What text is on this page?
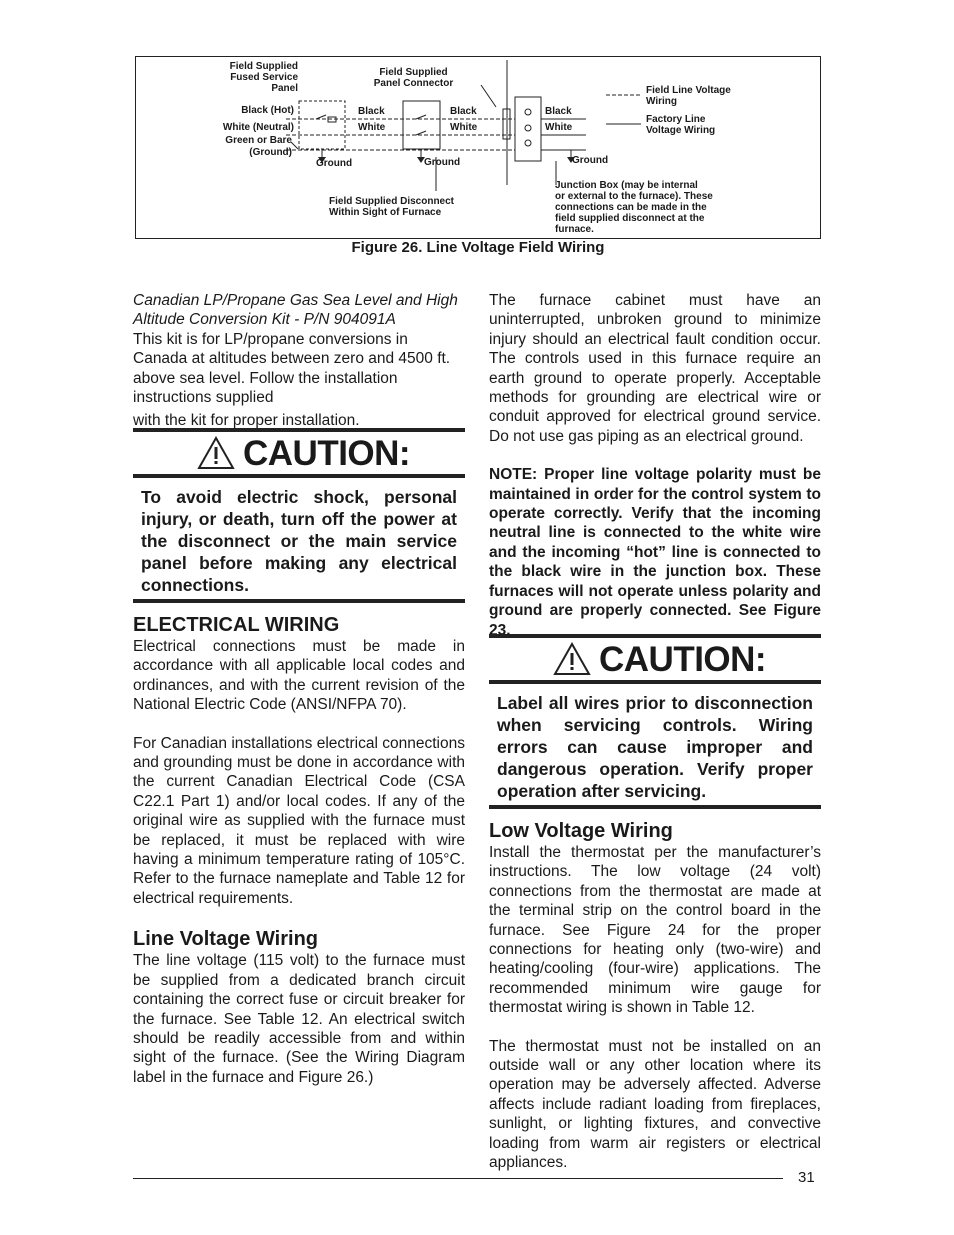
Field Supplied
Fused Service
Panel
Field Supplied
Panel Connector
Black (Hot)
White (Neutral)
Green or Bare
(Ground)
Black
White
Black
White
Black
White
Ground	Ground	Ground
Field Supplied Disconnect
Within Sight of Furnace
Junction Box (may be internal
or external to the furnace). These
connections can be made in the
field supplied disconnect at the
furnace.
Field Line Voltage
Wiring
Factory Line
Voltage Wiring
Figure 26. Line Voltage Field Wiring

Canadian LP/Propane Gas Sea Level and High Altitude Conversion Kit - P/N 904091A

This kit is for LP/propane conversions in Canada at altitudes between zero and 4500 ft. above sea level. Follow the installation instructions supplied

with the kit for proper installation.

CAUTION:
To avoid electric shock, personal injury, or death, turn off the power at the disconnect or the main service panel before making any electrical connections.
ELECTRICAL WIRING

Electrical connections must be made in accordance with all applicable local codes and ordinances, and with the current revision of the National Electric Code (ANSI/NFPA 70).

For Canadian installations electrical connections and grounding must be done in accordance with the current Canadian Electrical Code (CSA C22.1 Part 1) and/or local codes. If any of the original wire as supplied with the furnace must be replaced, it must be replaced with wire having a minimum temperature rating of 105°C. Refer to the furnace nameplate and Table 12 for electrical requirements.

Line Voltage Wiring

The line voltage (115 volt) to the furnace must be supplied from a dedicated branch circuit containing the correct fuse or circuit breaker for the furnace. See Table 12. An electrical switch should be readily accessible from and within sight of the furnace. (See the Wiring Diagram label in the furnace and Figure 26.)

The furnace cabinet must have an uninterrupted, unbroken ground to minimize injury should an electrical fault condition occur. The controls used in this furnace require an earth ground to operate properly. Acceptable methods for grounding are electrical wire or conduit approved for electrical ground service. Do not use gas piping as an electrical ground.

NOTE: Proper line voltage polarity must be maintained in order for the control system to operate correctly. Verify that the incoming neutral line is connected to the white wire and the incoming “hot” line is connected to the black wire in the junction box. These furnaces will not operate unless polarity and ground are properly connected. See Figure 23.

CAUTION:
Label all wires prior to disconnection when servicing controls. Wiring errors can cause improper and dangerous operation. Verify proper operation after servicing.
Low Voltage Wiring

Install the thermostat per the manufacturer’s instructions. The low voltage (24 volt) connections from the thermostat are made at the terminal strip on the control board in the furnace. See Figure 24 for the proper connections for heating only (two-wire) and heating/cooling (four-wire) applications. The recommended minimum wire gauge for thermostat wiring is shown in Table 12.

The thermostat must not be installed on an outside wall or any other location where its operation may be adversely affected. Adverse affects include radiant loading from fireplaces, sunlight, or lighting fixtures, and convective loading from warm air registers or electrical appliances.

31
